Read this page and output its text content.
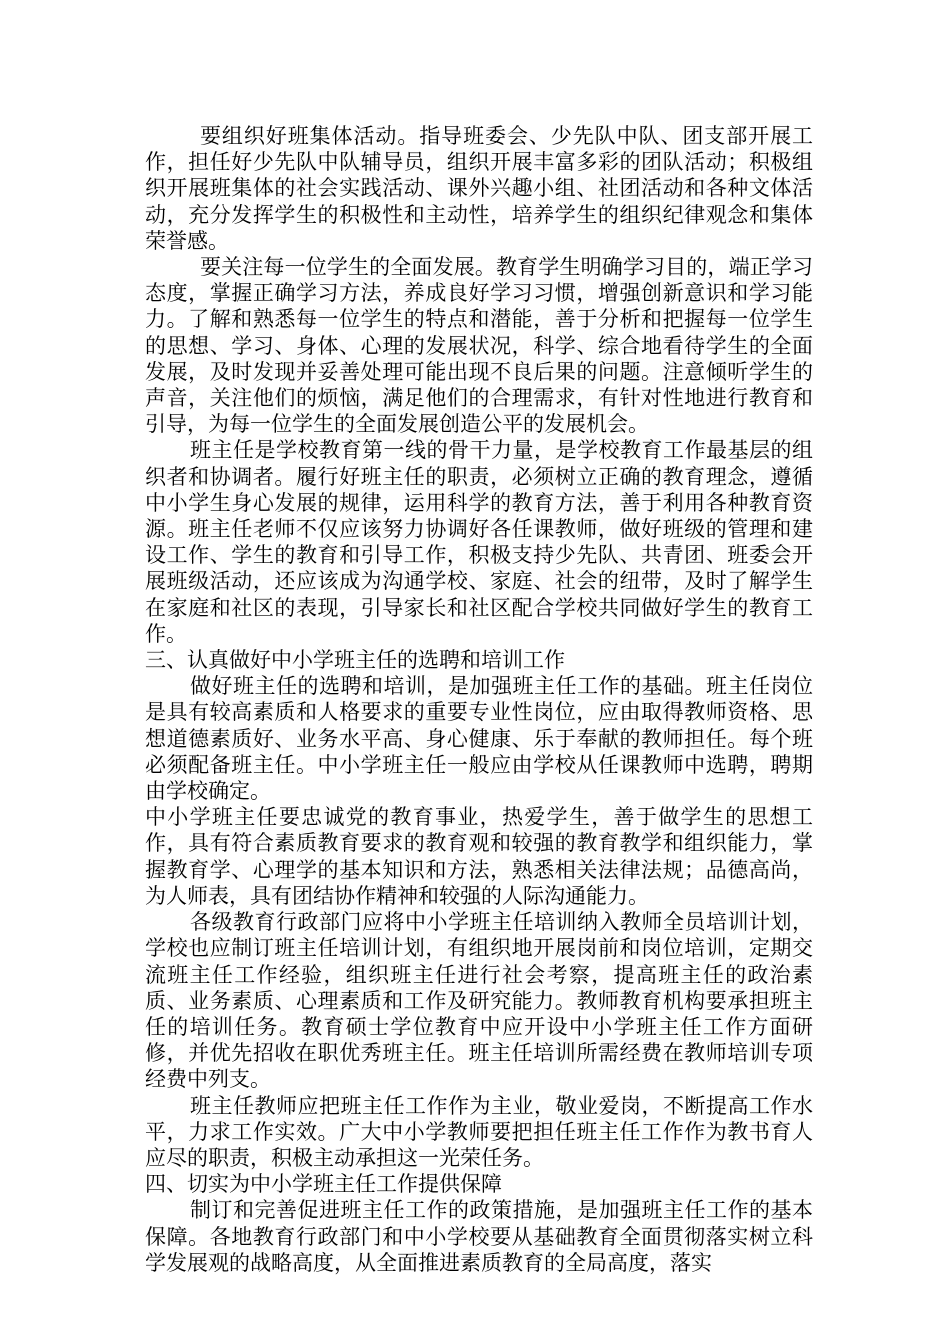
要组织好班集体活动。指导班委会、少先队中队、团支部开展工作，担任好少先队中队辅导员，组织开展丰富多彩的团队活动；积极组织开展班集体的社会实践活动、课外兴趣小组、社团活动和各种文体活动，充分发挥学生的积极性和主动性，培养学生的组织纪律观念和集体荣誉感。

要关注每一位学生的全面发展。教育学生明确学习目的，端正学习态度，掌握正确学习方法，养成良好学习习惯，增强创新意识和学习能力。了解和熟悉每一位学生的特点和潜能，善于分析和把握每一位学生的思想、学习、身体、心理的发展状况，科学、综合地看待学生的全面发展，及时发现并妥善处理可能出现不良后果的问题。注意倾听学生的声音，关注他们的烦恼，满足他们的合理需求，有针对性地进行教育和引导，为每一位学生的全面发展创造公平的发展机会。

班主任是学校教育第一线的骨干力量，是学校教育工作最基层的组织者和协调者。履行好班主任的职责，必须树立正确的教育理念，遵循中小学生身心发展的规律，运用科学的教育方法，善于利用各种教育资源。班主任老师不仅应该努力协调好各任课教师，做好班级的管理和建设工作、学生的教育和引导工作，积极支持少先队、共青团、班委会开展班级活动，还应该成为沟通学校、家庭、社会的纽带，及时了解学生在家庭和社区的表现，引导家长和社区配合学校共同做好学生的教育工作。

三、认真做好中小学班主任的选聘和培训工作

做好班主任的选聘和培训，是加强班主任工作的基础。班主任岗位是具有较高素质和人格要求的重要专业性岗位，应由取得教师资格、思想道德素质好、业务水平高、身心健康、乐于奉献的教师担任。每个班必须配备班主任。中小学班主任一般应由学校从任课教师中选聘，聘期由学校确定。

中小学班主任要忠诚党的教育事业，热爱学生，善于做学生的思想工作，具有符合素质教育要求的教育观和较强的教育教学和组织能力，掌握教育学、心理学的基本知识和方法，熟悉相关法律法规；品德高尚，为人师表，具有团结协作精神和较强的人际沟通能力。

各级教育行政部门应将中小学班主任培训纳入教师全员培训计划，学校也应制订班主任培训计划，有组织地开展岗前和岗位培训，定期交流班主任工作经验，组织班主任进行社会考察，提高班主任的政治素质、业务素质、心理素质和工作及研究能力。教师教育机构要承担班主任的培训任务。教育硕士学位教育中应开设中小学班主任工作方面研修，并优先招收在职优秀班主任。班主任培训所需经费在教师培训专项经费中列支。

班主任教师应把班主任工作作为主业，敬业爱岗，不断提高工作水平，力求工作实效。广大中小学教师要把担任班主任工作作为教书育人应尽的职责，积极主动承担这一光荣任务。

四、切实为中小学班主任工作提供保障

制订和完善促进班主任工作的政策措施，是加强班主任工作的基本保障。各地教育行政部门和中小学校要从基础教育全面贯彻落实树立科学发展观的战略高度，从全面推进素质教育的全局高度，落实
